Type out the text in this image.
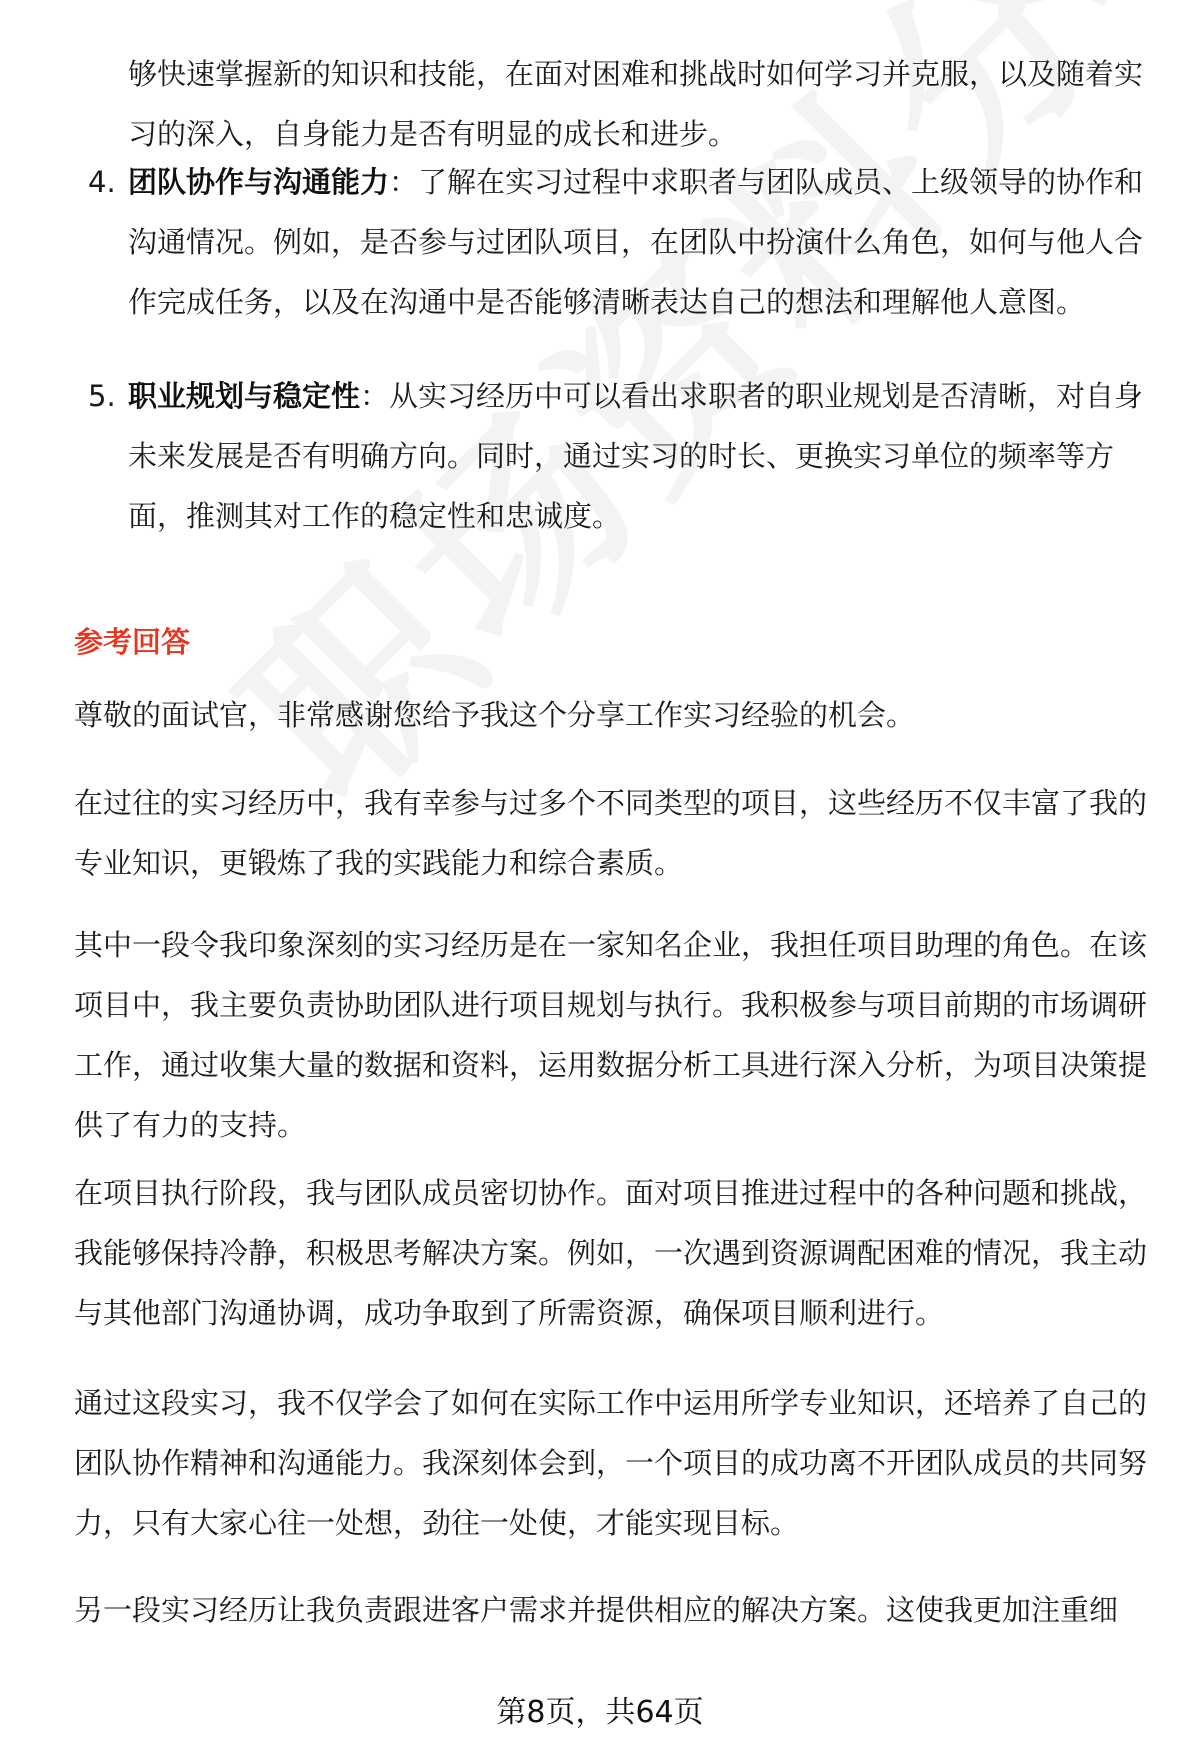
够快速掌握新的知识和技能，在面对困难和挑战时如何学习并克服，以及随着实习的深入，自身能力是否有明显的成长和进步。
4. 团队协作与沟通能力：了解在实习过程中求职者与团队成员、上级领导的协作和沟通情况。例如，是否参与过团队项目，在团队中扮演什么角色，如何与他人合作完成任务，以及在沟通中是否能够清晰表达自己的想法和理解他人意图。
5. 职业规划与稳定性：从实习经历中可以看出求职者的职业规划是否清晰，对自身未来发展是否有明确方向。同时，通过实习的时长、更换实习单位的频率等方面，推测其对工作的稳定性和忠诚度。
参考回答
尊敬的面试官，非常感谢您给予我这个分享工作实习经验的机会。
在过往的实习经历中，我有幸参与过多个不同类型的项目，这些经历不仅丰富了我的专业知识，更锻炼了我的实践能力和综合素质。
其中一段令我印象深刻的实习经历是在一家知名企业，我担任项目助理的角色。在该项目中，我主要负责协助团队进行项目规划与执行。我积极参与项目前期的市场调研工作，通过收集大量的数据和资料，运用数据分析工具进行深入分析，为项目决策提供了有力的支持。
在项目执行阶段，我与团队成员密切协作。面对项目推进过程中的各种问题和挑战，我能够保持冷静，积极思考解决方案。例如，一次遇到资源调配困难的情况，我主动与其他部门沟通协调，成功争取到了所需资源，确保项目顺利进行。
通过这段实习，我不仅学会了如何在实际工作中运用所学专业知识，还培养了自己的团队协作精神和沟通能力。我深刻体会到，一个项目的成功离不开团队成员的共同努力，只有大家心往一处想，劲往一处使，才能实现目标。
另一段实习经历让我负责跟进客户需求并提供相应的解决方案。这使我更加注重细
第8页，共64页
